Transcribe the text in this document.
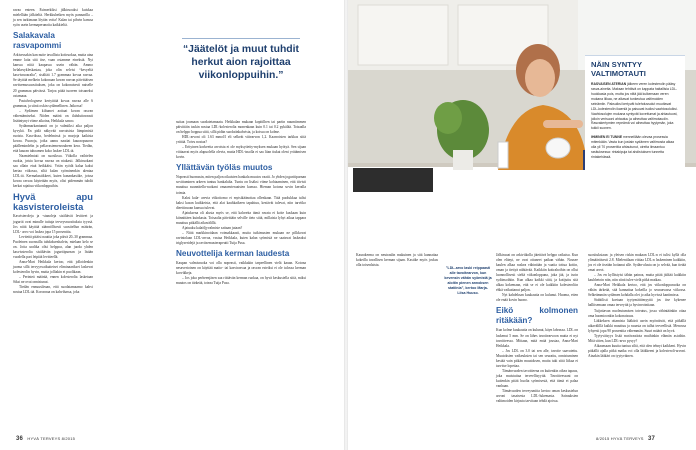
ravaa enteen. Esimerkiksi jälkiruoaksi kuiskaa mielellään jälkiteltä. Herkkuhetken myös pannarilla – ja sen tarkimaan löytän voita! Kalan tai pihvin kanssa syön usein kermaperunoita kaikkieltä.

Salakavala rasvapommi

Arkisessakin kan nutte tavallista kotiruokaa, mutta aina emme laita sitä itse, vaan ostamme eineksiä. Nyt kanssa niitä kaupassa usein vähän. Ammo hvlakesykleskastaa, joka olin selvisi “kevyeltä kasvisruoaralta”, sisältää 1.7 grammaa kovaa rasvaa. Se täyttää melkein kokonaan kovan rasvan päivittäisen ravitsemussuosituksen, joka on kokonaisesti naiselle 20 grammaa päivässä. Tarjoa pitää tuoreen toisaneksi ostamaaa.

Pastalvolognese kertyittää kovaa rasvaa alle 6 grammaa, ja siinä oxkin sydämellinen. Jatkossa!

– Sydämen kiltumet aottaat kovan rasvan vähentämiseksi. Niiden määrä on ilahduttavaasti lisääntynyt viime aikoina, Heikkala sanoo.

Sydänmarkantunnit on jo valmiiksi aika paljon kyvykä. En pidä näkyvää rasvaisista lämpimistä ruoista. Kasvikssa, bedelmissä ja marjoja kaikista kovaa. Puuroja, jotka aamu naatiat kauraopuuron päällemindelin ja pellavasiemenrouheen kera. Tiedän, että kauran tuhoamen koko laskee LDL:iä.

Naamielmiati on suosikssa. Viikolla vaihtelen ruokia, jotsia kovaa rasvaa on niukasti. Jälkiruokani saa ollain etuä heikkäisi. Vrtän syödä kalaa kaksi kertaa viikossa, siltä kalan syöminenkin alentaa LDL:iä. Kermakastikkeet, kuten kanankastike, joissa kovaa rasvaa käytetään myös, olisi pidemmän tuhdit kerkat rajaitua viikonloppuihin.

Hyvä apu kasvisteroleista

Kasvisteroleja ja -stanoleja sisältävät levitteet ja jogurtit ovat minulle tuttuja terveysruosituksia tyyssä. Jos niitä käyttää säännöllisesti suositellun määrän, LDL- arvo voi laskea jopa 15 prosenttia.

Levitettä pitäisi nauttia joka päivä 20–30 grammaa. Puoleinen suorasilla tuhdaksenhalvin, mielaan kelo se on. Jotta uraltka olisi helppoa, alan juoda yhden kasvissterolia sisältävän jogurttipurnan ja lisään vuodella pari leipiää levitteellä.

Anna-Mari Heikkala kertoo, että jolloidenkin juoma sillä tervyysvaikutteiset eliminaarikset laskevat kolesterolin hyvin, mutta jolliakin ei puolikaan.

– Perinteä määrää, ennen kolesterolia lasketaan Siksi ne ovat onnistunut.

Tiedän ennuusileaan, että suodatamaamo kahvi nostaa LDL:ää. Koroonaa on kahvihassa, joka

“Jäätelöt ja muut tuhdit herkut aion rajoittaa viikonloppuihin.”

suttaa joumaan suodatetamaata. Heikkalan mukaan kopitilhen tai pariin naumiimmen päivittäin tuskin nostaa LDL-kolesterolia monenkaan kuin 0.1 tai 0.2 pykälää. Toisaalla on helppo hoppua siitä, sillä pidän suodatinkahvista, ja koissa on kolme.

HDL-arvoni oli 1.63 mmol/l eli selkeät viitearvon 1,2. Kaarroisten tarkkas siitä yrittää. Toivu nostaa?

– Erityinen korkeetta arvoista ei ole myksytietty-myksen mukaan hyötyä. Sen sijaan viittaavat myös alapuolella olevia, mutta HDL-tasolla ei saa liian tiukat oleni yrittämisen kovin.

Yllättävän työläs muutos

Nopeasti huomasin, miten paljon oikaisten hankala muutos vaatii. Jo yhden jogurttipurnan sovittaminen arkeen tuntuu hankalalta. Tuntu on lisäksi viime kohtaaminen, että tiivisti muuttua suunnitella-ruokani omaanvieraaisten kanssa. Hieman kotona sovin kerralla toimia.

Kaksi kala- arevia viikottomo ei mytsikäänottaa ollenkaan. Tätä puolukkaa tulisi kaksi kasan kuikkeista, että alat kauhkaikeen tapahtuu, kestävät tulevat, niin tarvitko dieettiruoan kanssa tulevat.

Ajatuksena oli alusta myös se, että kaloreita tämä ravata ei koite kuskaan kuin kiinnittäen kuinkasta. Toisaalta päivittäin selville tieto siitä, millaisia lyhyt aikaa tappara muuttuu pitkällä aikavälillä.

Ajatuuku kalaöljyvalmiste sattaan jutaan?

– Niitä markkinoidaan voimakkaasti, mutta tutkimusten mukaan ne pilkkovat ravintolaan LDL-arvoa, vastaa Heikkala, kuten kalan syömistä ne saatavat laskeaksi triglyseridejä ja ravitsemusterapeutti Tuija Pusa.

Neuvottelija kerman laudesta

Kaupan valmisruoka voi olla nopeasti, vaikkakin tarpeellinen vielä kauan. Kotona nesavertoinen on käyttää maito- tai kasvirasvaa ja rasvan esteiksi ei ole tulossa kerman korvikkeja.

– Jos joka perheenjäsen saa riittävän kerman ruokaa, on hyvä keskustella siitä, miksi muutos on tärkeää, toteaa Tuija Pusa.

36 HYVÄ TERVEYS 8/2015
NÄIN SYNTYY VALTIMOTAUTI

RASVAISEN ATERIAN jälkeen veren kolesterolin pääsy rasva-aineita. Maksan tehtävä on kappata haitallisia LDL-huokkasia pois, mutta jos niitä jää kulkemaan veren mukana liikaa, ne alkavat tunkeutua valtimoiden seinämiin. Paksuiksi kertyvät tulehdussolut muuttavat LDL-kolesterolin ikaeniä ja paisuvat isoiksi vaahtosoluiksi. Vaahtosolujen mukana syntyvät kovettumat ja ahtautuvat, jolloin verisuoni ahtautuu ja aiheuttaa valtimotaudin. Rasvakertymien repeämä voi aiheuttaa hyytymän, joka tukkii suonen.

IHMINEN EI TUNNE menneillään olevaa prosessia mitenkään. Vasta kun jostain sydämen valtimosta alkaa olla yli 70 prosenttia ahtautunut, oireita ilmaantuu rasituksessa: rintakipuja tai ahdistuksen tunnetta rintakehässä.

Kaurakerma on neutraalin makuinen ja sitä kannattaa kokeilla tavallisen kerman sijaan. Kastike myös joskus olla toisenlaista.

”LDL-arvo laski reippaasti alle tavoitearvon, kun kevensin vähän syömistä ja aloitin pienen annoksen statiinia”, kertoo Marja-Liisa Huuso.

Jälkiruoat on arkiviikolla jätettävä helppo ratkaisu. Kun olen elänyt, ne ovat ottaneet paikan vähän. Nousee kaulen alkaa ruskea vähintään ja vaatia tottua kotiin, oman ja tiettyä nähtävää. Kaikkiin kotirahoihin on ollut luonnollisesti sieltä viikonloppuna, joka jää, ja isoin sydänsoihiin. Kun alkaa kaikki siitä, ja kotijuttu sitä alkaa kokemaan, että se ei ole kaikkiin kolesteroliin ehkä vaikuttanut paljon.

Nyt kahdeksan kuukautta on kulunut. Huoma, etten ole enää kovin huono.

Eikö kolmonen ritäkään?

Kun kolme kuukautta on kulunut, käyn labrassa. LDL on laskenut 5 mm. Se on lähes tavoitearvoon mutta ei nyt tavoitteessa. Mittaan, mitä enää joustaa, Anna-Mari Heikkala.

– Jos LDL on 3.0 tai sen alle, tavoite saavutettu. Muutoksien vaikeuksien tai sen seurattu, onnistuminen kestää vain pitkän muutoksen, mutta tuki siitä liikaa ei tarvitse lopettaa.

Tämänvuoden tavoitteena on kuitenkin oikea tapaus, joka muistuttaa terveellisyyttä. Tavoitteessani on kuitenkin pitää huolta syömisestä, että tämä ei palaa vanhaan.

Tämävuoden terveysmitta kertoo oman keskustelun arvoni tasaisesta LDL-lukemasta. Sairauksien valtimoiden kirjasta tarvitaan tehdä ajoissa.

suosituksiaan: ja yleisen riskin mukaan LDL:n ei tulisi kyllä olla ylimääräisesti 2.8. Mielentilaan viittaa LDL:n laskeminen kaikkiin, jos ei ole itseään hoitanut alle. Sydän-alusta on jo selvää, kun tietää omat arvot.

– Jos en kyllästyisi tähän painoa, mutta pitää jäiltää kaikkiin kauhhetoin niin, niin siinä tulee vielä pitkä matkaa.

Anna-Mari Heikkala kertoo, että jos viikonloppuruoka on vähän tärkeää, sitä kannattaa kokeilla jo seuraavassa viikossa. Selkeämmän sydämen kohdalla olet jo aika hyvissä kantimissa.

Stabiilisti koetaan tyytymättömyyttä jos itse kykenee hallitsemaan omaa terveyttä ja hyvinvointiaan.

Tuijottavan nuoleutumisen toteutus, jossa vähintäänkin ottaa oma huomioonkin kokonaisuus.

Läkkeksen ottamista lääkärit usein myöntävät, että pitkällä aikavälillä kaikki muuttuu ja ruoasta on tullut terveellistä. Menossa lyhyesti jopa 90 prosenttia vähemmän. Suuri määrä on hyvä.

Tyytyväisyys lisää motivaatiota muihinkin elämän asioihin. Mitä sitten, kun LDL-arvo pysyy?

Aikaansaan kuutta tuntuu siltä, että olen tehnyt kaikkeni. Hyvin pitkällä ajalla pitkä matka voi olla lääkkeeni ja kolesteroli-arvoni. Ainakin lääkäri on tyytyväinen.

8/2015 HYVÄ TERVEYS 37
